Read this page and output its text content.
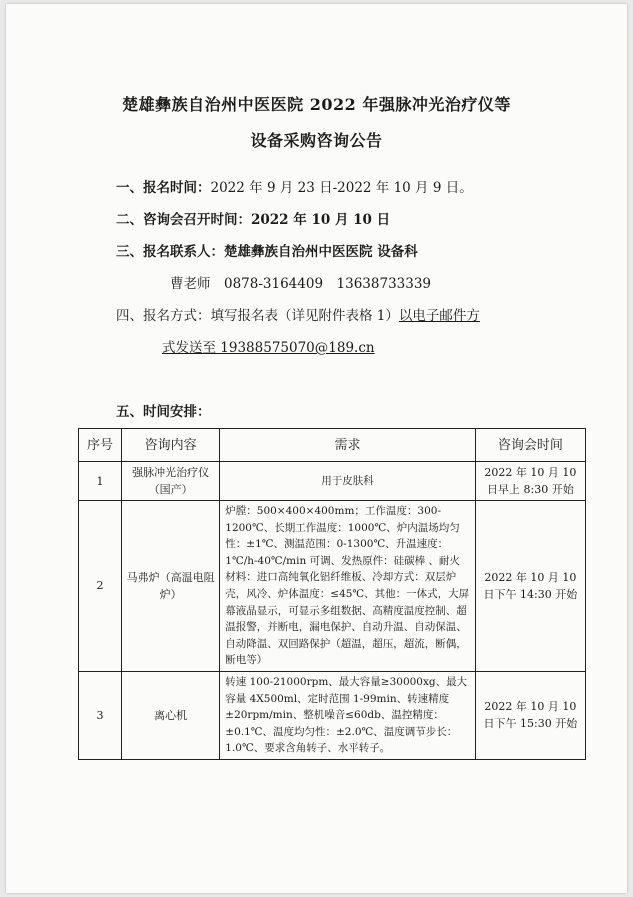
楚雄彝族自治州中医医院 2022 年强脉冲光治疗仪等
设备采购咨询公告
一、报名时间：2022 年 9 月 23 日-2022 年 10 月 9 日。
二、咨询会召开时间：2022 年 10 月 10 日
三、报名联系人：楚雄彝族自治州中医医院 设备科
曹老师　0878-3164409　13638733339
四、报名方式：填写报名表（详见附件表格 1）以电子邮件方
式发送至 19388575070@189.cn
五、时间安排：
序号	咨询内容	需求	咨询会时间
1	强脉冲光治疗仪（国产）	用于皮肤科	2022 年 10 月 10 日早上 8:30 开始
2	马弗炉（高温电阻炉）	炉膛：500×400×400mm；工作温度：300-1200℃、长期工作温度：1000℃、炉内温场均匀性：±1℃、测温范围：0-1300℃、升温速度：1℃/h-40℃/min 可调、发热原件：硅碳棒 、耐火材料：进口高纯氧化铝纤维板、冷却方式：双层炉壳，风冷、炉体温度：≤45℃、其他：一体式，大屏幕液晶显示，可显示多组数据、高精度温度控制、超温报警，并断电，漏电保护、自动升温、自动保温、自动降温、双回路保护（超温，超压，超流，断偶，断电等）	2022 年 10 月 10 日下午 14:30 开始
3	离心机	转速 100-21000rpm、最大容量≥30000xg、最大容量 4X500ml、定时范围 1-99min、转速精度±20rpm/min、整机噪音≤60db、温控精度：±0.1℃、温度均匀性：±2.0℃、温度调节步长：1.0℃、要求含角转子、水平转子。	2022 年 10 月 10 日下午 15:30 开始
